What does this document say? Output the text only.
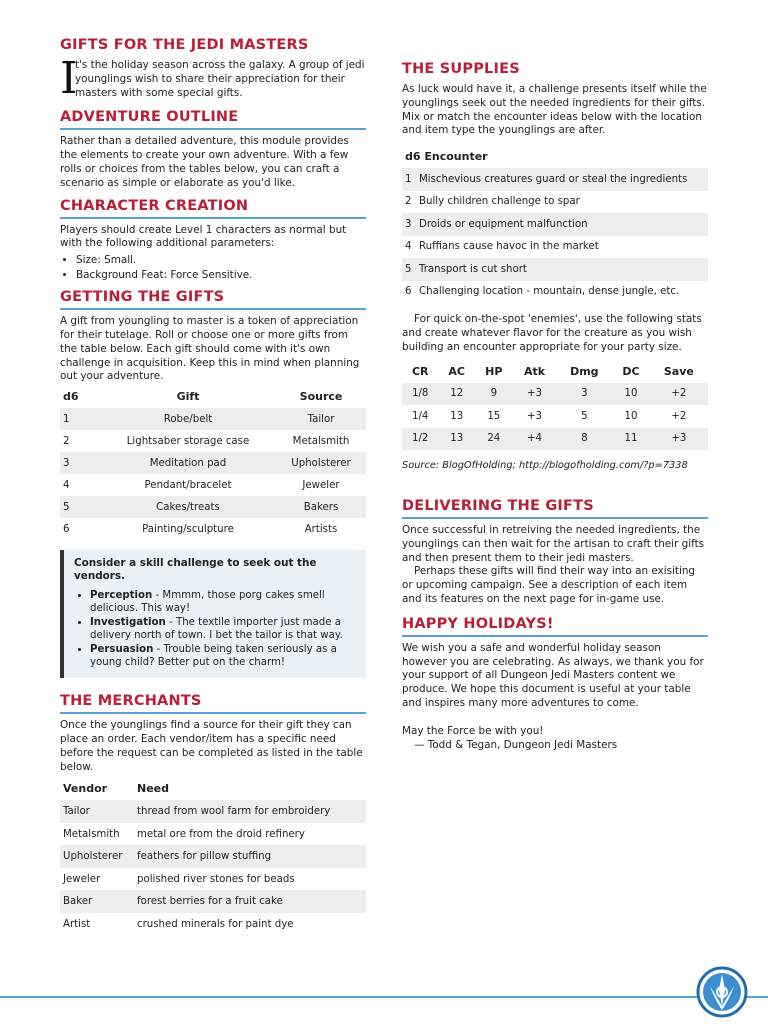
GIFTS FOR THE JEDI MASTERS
I

t's the holiday season across the galaxy. A group of jedi younglings wish to share their appreciation for their masters with some special gifts.

ADVENTURE OUTLINE

Rather than a detailed adventure, this module provides the elements to create your own adventure. With a few rolls or choices from the tables below, you can craft a scenario as simple or elaborate as you'd like.

CHARACTER CREATION

Players should create Level 1 characters as normal but with the following additional parameters:

• Size: Small.
• Background Feat: Force Sensitive.
GETTING THE GIFTS

A gift from youngling to master is a token of appreciation for their tutelage. Roll or choose one or more gifts from the table below. Each gift should come with it's own challenge in acquisition. Keep this in mind when planning out your adventure.

d6	Gift	Source
1	Robe/belt	Tailor
2	Lightsaber storage case	Metalsmith
3	Meditation pad	Upholsterer
4	Pendant/bracelet	Jeweler
5	Cakes/treats	Bakers
6	Painting/sculpture	Artists
Consider a skill challenge to seek out the vendors.
• Perception - Mmmm, those porg cakes smell delicious. This way!
• Investigation - The textile importer just made a delivery north of town. I bet the tailor is that way.
• Persuasion - Trouble being taken seriously as a young child? Better put on the charm!
THE MERCHANTS

Once the younglings find a source for their gift they can place an order. Each vendor/item has a specific need before the request can be completed as listed in the table below.

Vendor	Need
Tailor	thread from wool farm for embroidery
Metalsmith	metal ore from the droid refinery
Upholsterer	feathers for pillow stuffing
Jeweler	polished river stones for beads
Baker	forest berries for a fruit cake
Artist	crushed minerals for paint dye
THE SUPPLIES

As luck would have it, a challenge presents itself while the younglings seek out the needed ingredients for their gifts. Mix or match the encounter ideas below with the location and item type the younglings are after.

d6 Encounter	
1	Mischevious creatures guard or steal the ingredients
2	Bully children challenge to spar
3	Droids or equipment malfunction
4	Ruffians cause havoc in the market
5	Transport is cut short
6	Challenging location - mountain, dense jungle, etc.

For quick on-the-spot 'enemies', use the following stats and create whatever flavor for the creature as you wish building an encounter appropriate for your party size.

CR	AC	HP	Atk	Dmg	DC	Save
1/8	12	9	+3	3	10	+2
1/4	13	15	+3	5	10	+2
1/2	13	24	+4	8	11	+3
Source: BlogOfHolding; http://blogofholding.com/?p=7338
DELIVERING THE GIFTS

Once successful in retreiving the needed ingredients, the younglings can then wait for the artisan to craft their gifts and then present them to their jedi masters.

Perhaps these gifts will find their way into an exisiting or upcoming campaign. See a description of each item and its features on the next page for in-game use.

HAPPY HOLIDAYS!

We wish you a safe and wonderful holiday season however you are celebrating. As always, we thank you for your support of all Dungeon Jedi Masters content we produce. We hope this document is useful at your table and inspires many more adventures to come.

May the Force be with you!

— Todd & Tegan, Dungeon Jedi Masters
